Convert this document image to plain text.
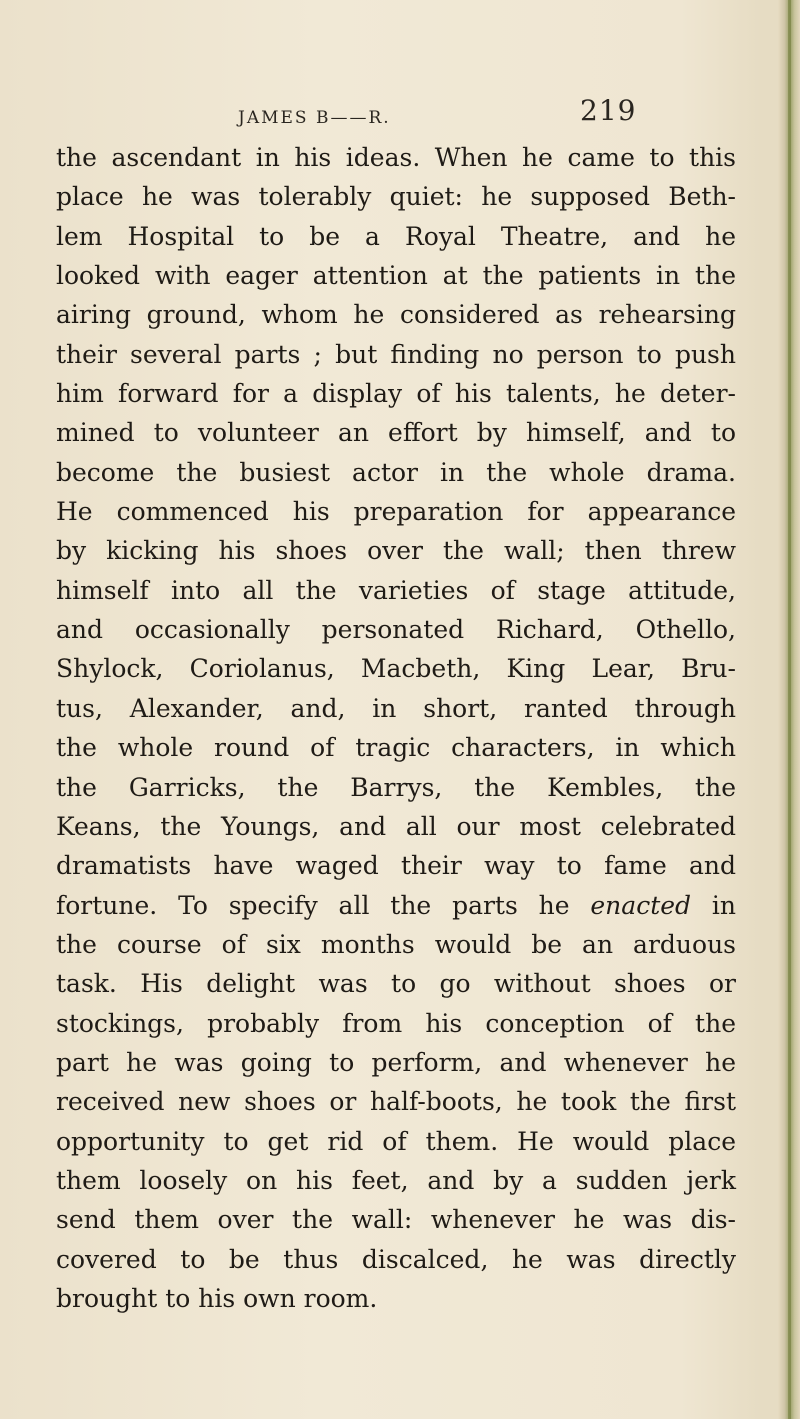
JAMES B——R.	219
the ascendant in his ideas. When he came to this
place he was tolerably quiet: he supposed Beth-
lem Hospital to be a Royal Theatre, and he
looked with eager attention at the patients in the
airing ground, whom he considered as rehearsing
their several parts ; but finding no person to push
him forward for a display of his talents, he deter-
mined to volunteer an effort by himself, and to
become the busiest actor in the whole drama.
He commenced his preparation for appearance
by kicking his shoes over the wall; then threw
himself into all the varieties of stage attitude,
and occasionally personated Richard, Othello,
Shylock, Coriolanus, Macbeth, King Lear, Bru-
tus, Alexander, and, in short, ranted through
the whole round of tragic characters, in which
the Garricks, the Barrys, the Kembles, the
Keans, the Youngs, and all our most celebrated
dramatists have waged their way to fame and
fortune. To specify all the parts he enacted in
the course of six months would be an arduous
task. His delight was to go without shoes or
stockings, probably from his conception of the
part he was going to perform, and whenever he
received new shoes or half-boots, he took the first
opportunity to get rid of them. He would place
them loosely on his feet, and by a sudden jerk
send them over the wall: whenever he was dis-
covered to be thus discalced, he was directly
brought to his own room.
